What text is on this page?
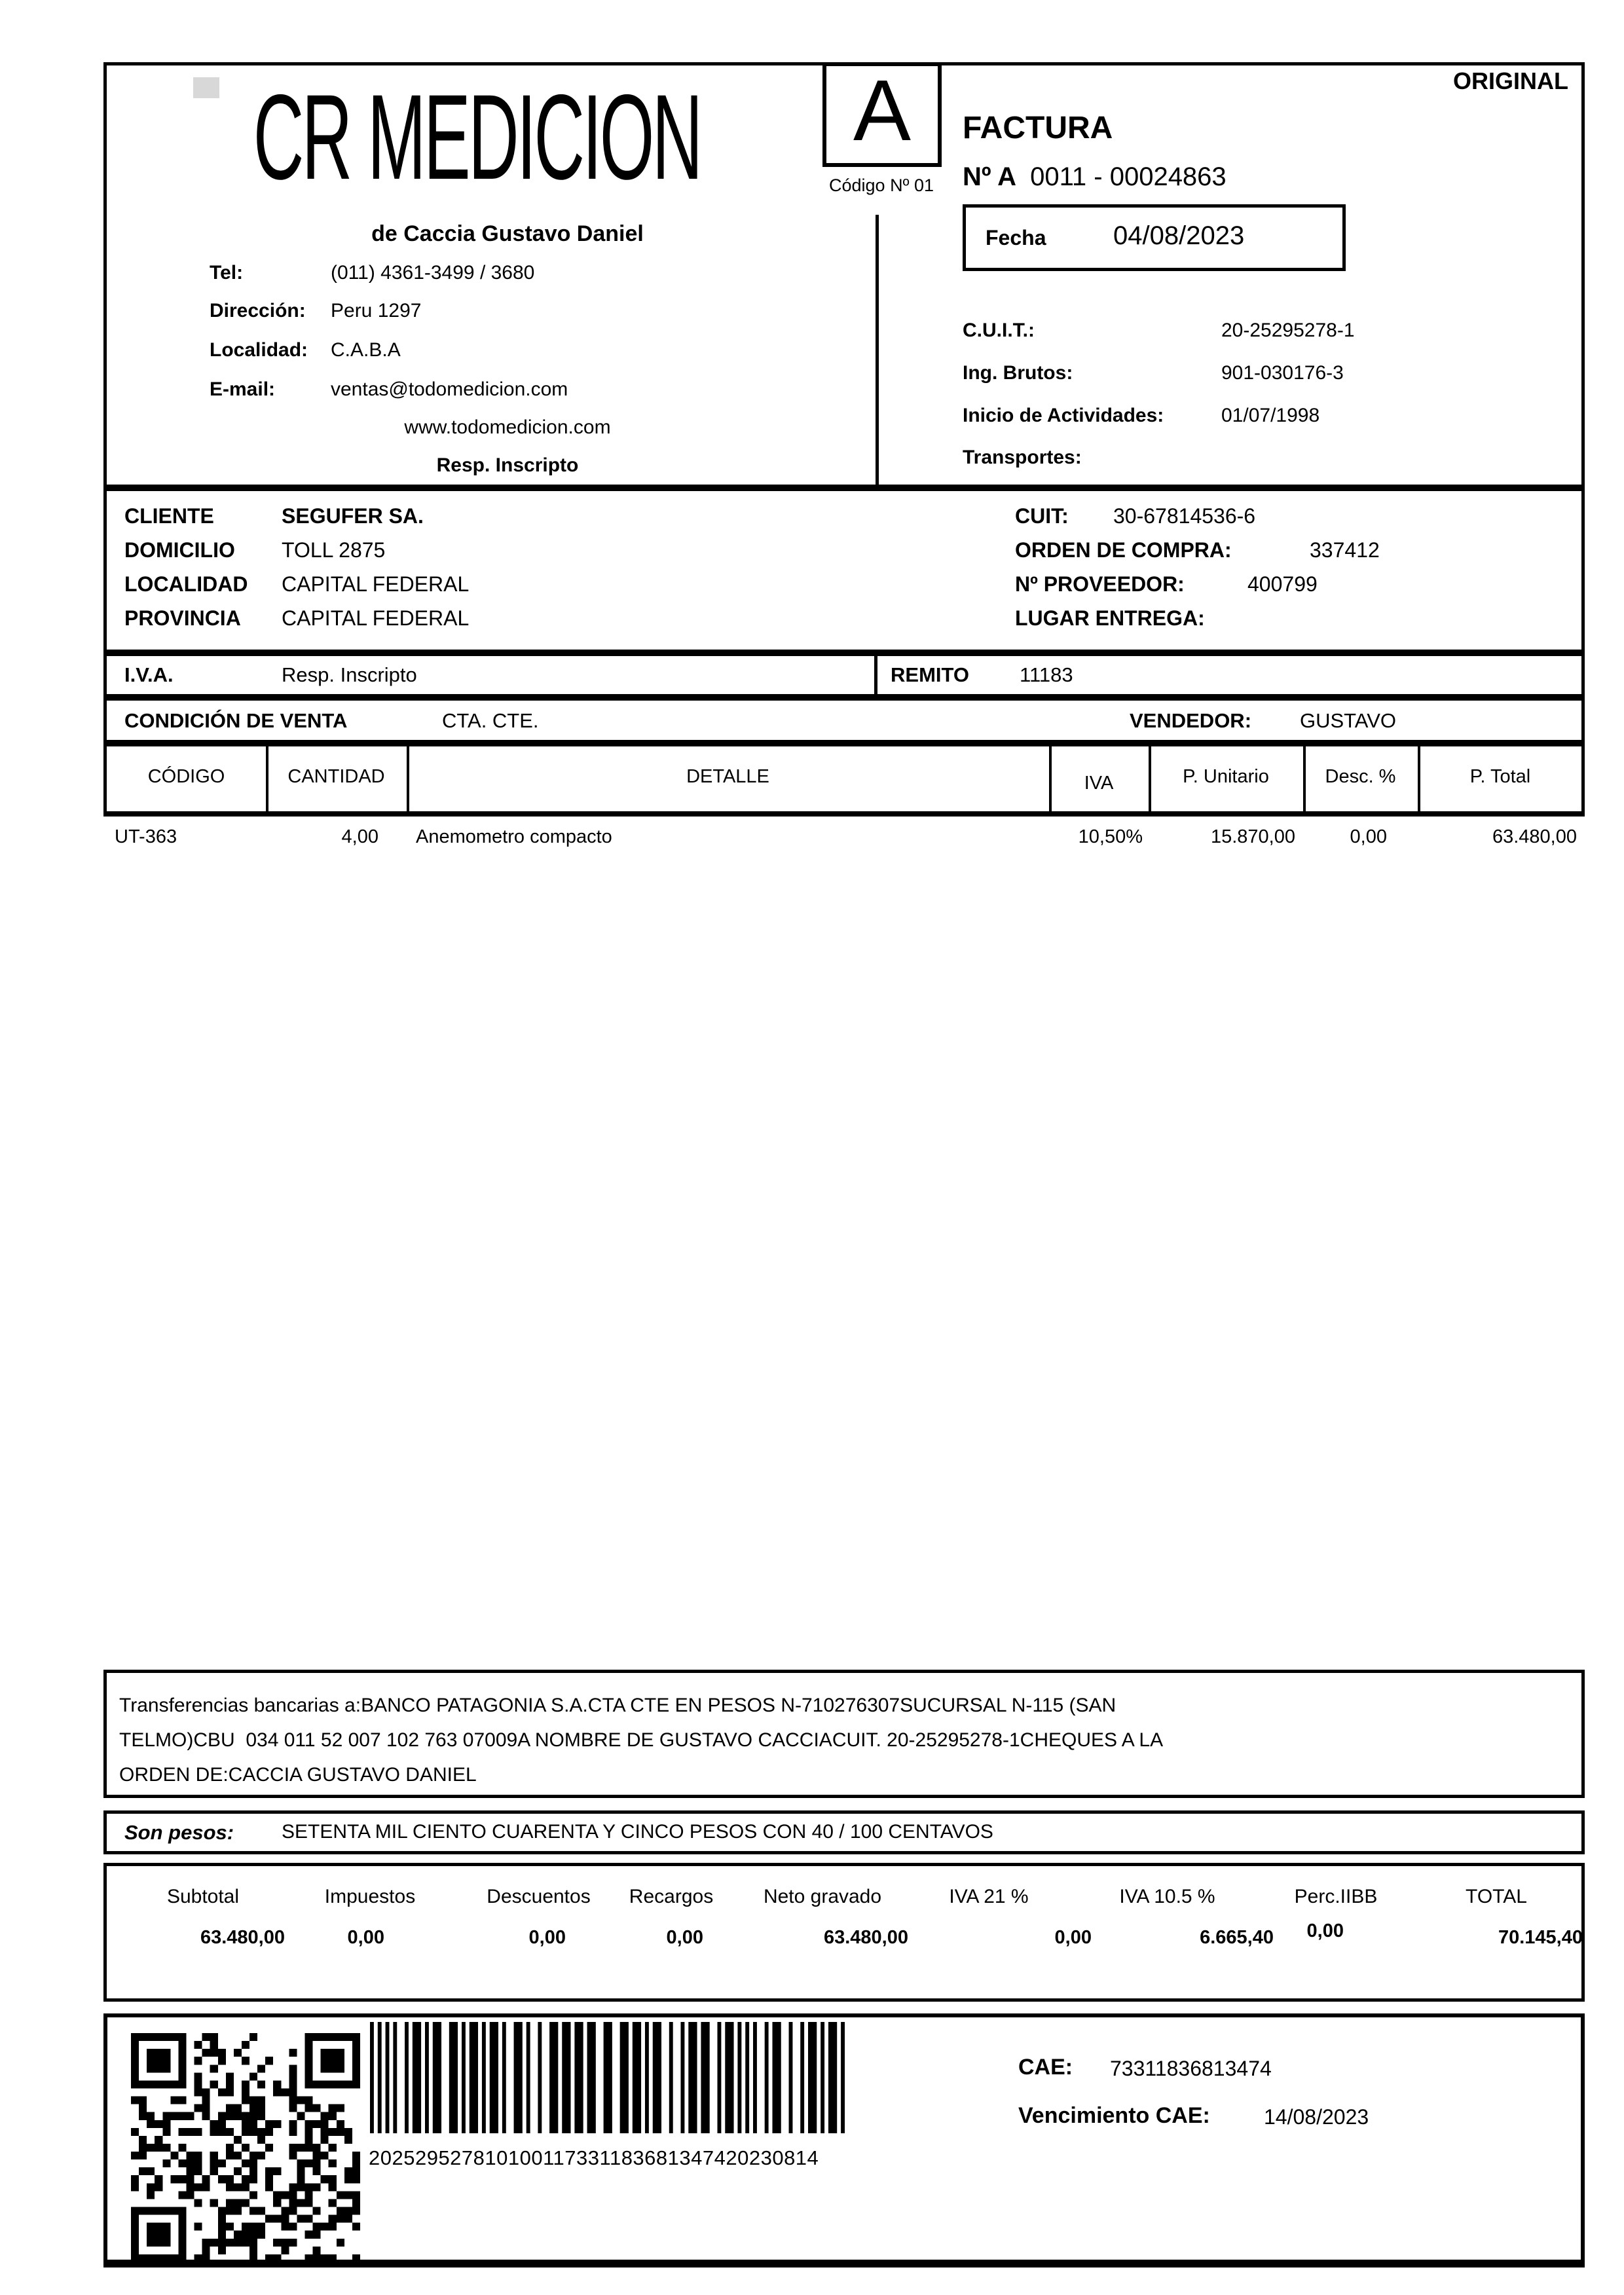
CR MEDICION	A
Código Nº 01
ORIGINAL
FACTURA
Nº A 0011 - 00024863
Fecha	04/08/2023
de Caccia Gustavo Daniel
Tel:	(011) 4361-3499 / 3680
Dirección: Peru 1297
Localidad: C.A.B.A
E-mail:	ventas@todomedicion.com
www.todomedicion.com
Resp. Inscripto
C.U.I.T.:	20-25295278-1
Ing. Brutos:	901-030176-3
Inicio de Actividades:	01/07/1998
Transportes:
CLIENTE	SEGUFER SA.
DOMICILIO TOLL 2875
LOCALIDAD CAPITAL FEDERAL
PROVINCIA CAPITAL FEDERAL
CUIT: 30-67814536-6
ORDEN DE COMPRA:	337412
Nº PROVEEDOR:	400799
LUGAR ENTREGA:
I.V.A.	Resp. Inscripto	REMITO 11183
CONDICIÓN DE VENTA	CTA. CTE.	VENDEDOR: GUSTAVO
CÓDIGO	CANTIDAD	DETALLE	IVA	P. Unitario	Desc. %	P. Total
UT-363	4,00 Anemometro compacto	10,50%	15.870,00	0,00	63.480,00
Transferencias bancarias a:BANCO PATAGONIA S.A.CTA CTE EN PESOS N-710276307SUCURSAL N-115 (SAN
TELMO)CBU  034 011 52 007 102 763 07009A NOMBRE DE GUSTAVO CACCIACUIT. 20-25295278-1CHEQUES A LA
ORDEN DE:CACCIA GUSTAVO DANIEL
Son pesos: SETENTA MIL CIENTO CUARENTA Y CINCO PESOS CON 40 / 100 CENTAVOS
Subtotal	Impuestos	Descuentos	Recargos	Neto gravado	IVA 21 %	IVA 10.5 %	Perc.IIBB	TOTAL
63.480,00	0,00	0,00	0,00	63.480,00	0,00	6.665,40	0,00	70.145,40
202529527810100117331183681347420230814
CAE: 73311836813474
Vencimiento CAE:	14/08/2023
